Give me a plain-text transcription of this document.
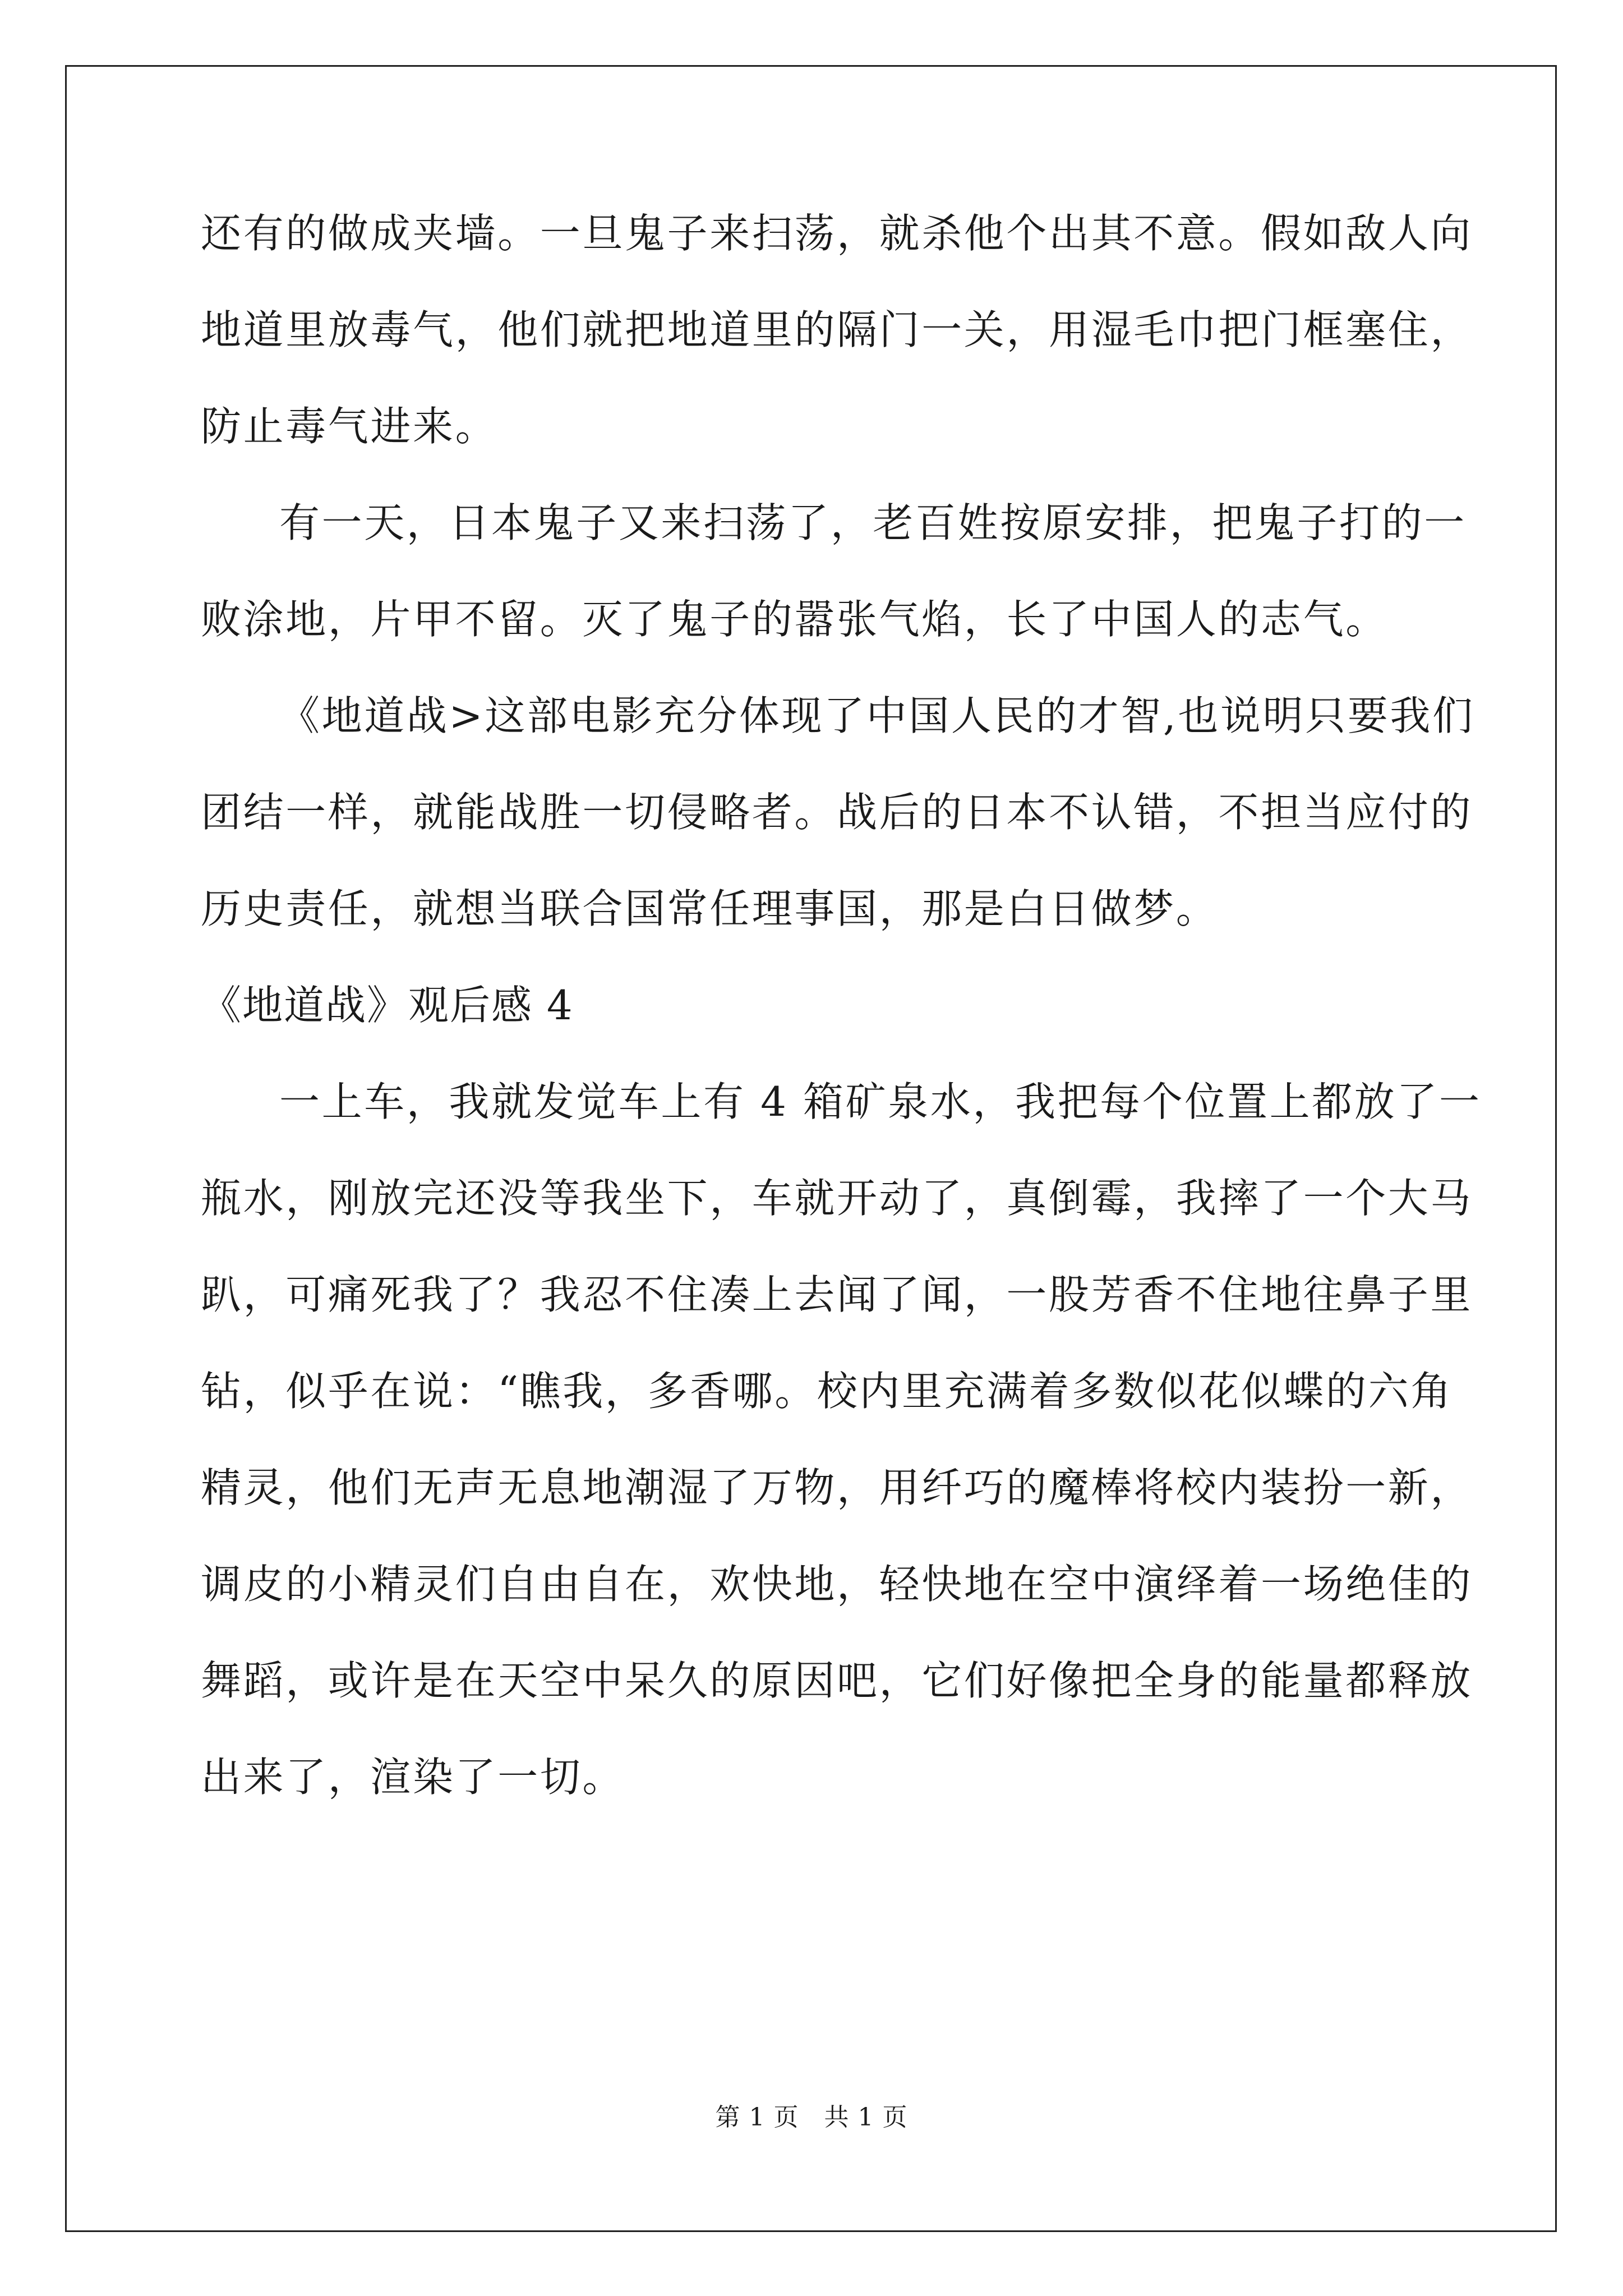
还有的做成夹墙。一旦鬼子来扫荡，就杀他个出其不意。假如敌人向
地道里放毒气，他们就把地道里的隔门一关，用湿毛巾把门框塞住，
防止毒气进来。
有一天，日本鬼子又来扫荡了，老百姓按原安排，把鬼子打的一
败涂地，片甲不留。灭了鬼子的嚣张气焰，长了中国人的志气。
《地道战>这部电影充分体现了中国人民的才智,也说明只要我们
团结一样，就能战胜一切侵略者。战后的日本不认错，不担当应付的
历史责任，就想当联合国常任理事国，那是白日做梦。
《地道战》观后感 4
一上车，我就发觉车上有 4 箱矿泉水，我把每个位置上都放了一
瓶水，刚放完还没等我坐下，车就开动了，真倒霉，我摔了一个大马
趴，可痛死我了？我忍不住凑上去闻了闻，一股芳香不住地往鼻子里
钻，似乎在说：“瞧我，多香哪。校内里充满着多数似花似蝶的六角
精灵，他们无声无息地潮湿了万物，用纤巧的魔棒将校内装扮一新，
调皮的小精灵们自由自在，欢快地，轻快地在空中演绎着一场绝佳的
舞蹈，或许是在天空中呆久的原因吧，它们好像把全身的能量都释放
出来了，渲染了一切。
第 1 页　共 1 页
